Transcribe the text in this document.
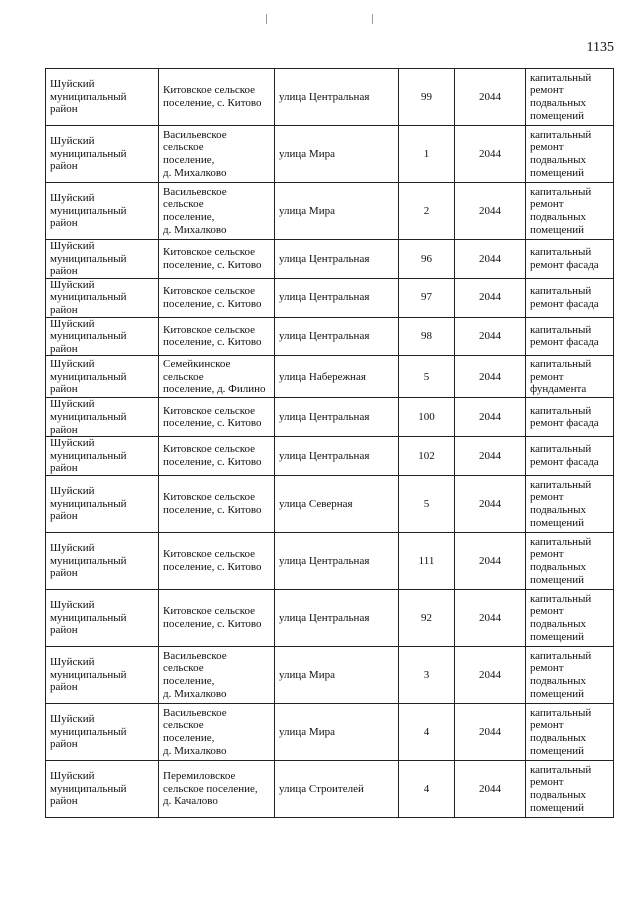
1135
Шуйский
муниципальный
район	Китовское сельское
поселение, с. Китово	улица Центральная	99	2044	капитальный
ремонт
подвальных
помещений
Шуйский
муниципальный
район	Васильевское сельское
поселение,
д. Михалково	улица Мира	1	2044	капитальный
ремонт
подвальных
помещений
Шуйский
муниципальный
район	Васильевское сельское
поселение,
д. Михалково	улица Мира	2	2044	капитальный
ремонт
подвальных
помещений
Шуйский
муниципальный
район	Китовское сельское
поселение, с. Китово	улица Центральная	96	2044	капитальный
ремонт фасада
Шуйский
муниципальный
район	Китовское сельское
поселение, с. Китово	улица Центральная	97	2044	капитальный
ремонт фасада
Шуйский
муниципальный
район	Китовское сельское
поселение, с. Китово	улица Центральная	98	2044	капитальный
ремонт фасада
Шуйский
муниципальный
район	Семейкинское сельское
поселение, д. Филино	улица Набережная	5	2044	капитальный
ремонт
фундамента
Шуйский
муниципальный
район	Китовское сельское
поселение, с. Китово	улица Центральная	100	2044	капитальный
ремонт фасада
Шуйский
муниципальный
район	Китовское сельское
поселение, с. Китово	улица Центральная	102	2044	капитальный
ремонт фасада
Шуйский
муниципальный
район	Китовское сельское
поселение, с. Китово	улица Северная	5	2044	капитальный
ремонт
подвальных
помещений
Шуйский
муниципальный
район	Китовское сельское
поселение, с. Китово	улица Центральная	111	2044	капитальный
ремонт
подвальных
помещений
Шуйский
муниципальный
район	Китовское сельское
поселение, с. Китово	улица Центральная	92	2044	капитальный
ремонт
подвальных
помещений
Шуйский
муниципальный
район	Васильевское сельское
поселение,
д. Михалково	улица Мира	3	2044	капитальный
ремонт
подвальных
помещений
Шуйский
муниципальный
район	Васильевское сельское
поселение,
д. Михалково	улица Мира	4	2044	капитальный
ремонт
подвальных
помещений
Шуйский
муниципальный
район	Перемиловское
сельское поселение,
д. Качалово	улица Строителей	4	2044	капитальный
ремонт
подвальных
помещений
